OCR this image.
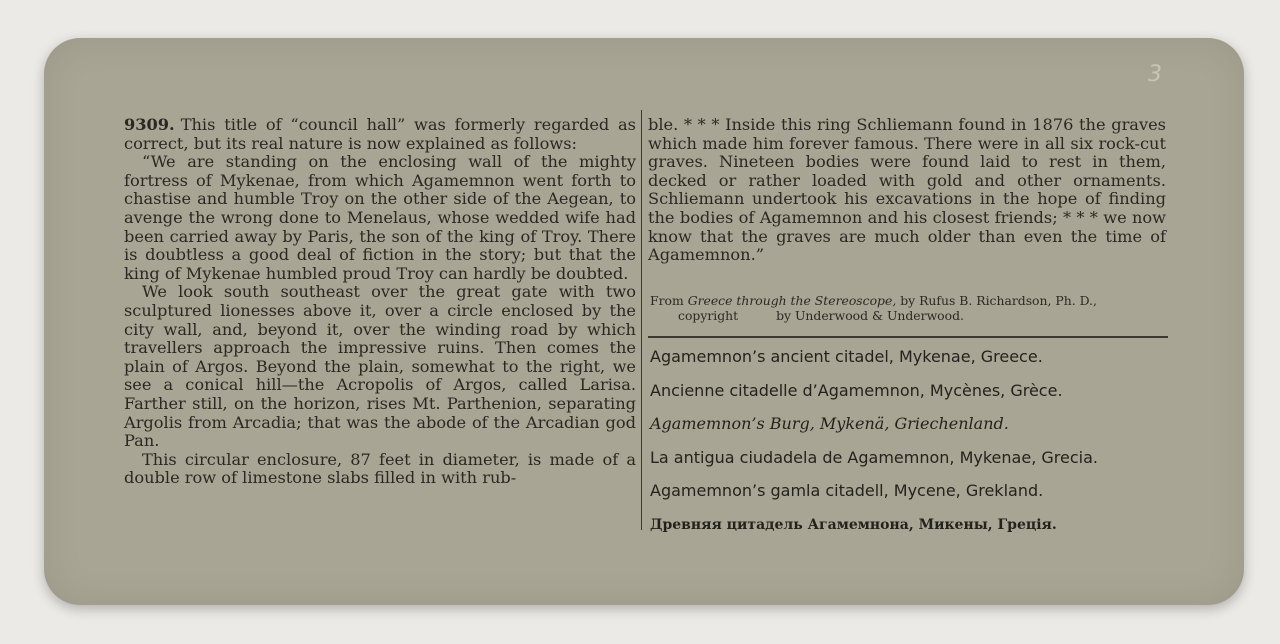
3

9309. This title of “council hall” was formerly regarded as correct, but its real nature is now explained as follows:

“We are standing on the enclosing wall of the mighty fortress of Mykenae, from which Agamemnon went forth to chastise and humble Troy on the other side of the Aegean, to avenge the wrong done to Menelaus, whose wedded wife had been carried away by Paris, the son of the king of Troy. There is doubtless a good deal of fiction in the story; but that the king of Mykenae humbled proud Troy can hardly be doubted.

We look south southeast over the great gate with two sculptured lionesses above it, over a circle enclosed by the city wall, and, beyond it, over the winding road by which travellers approach the impressive ruins. Then comes the plain of Argos. Beyond the plain, somewhat to the right, we see a conical hill—the Acropolis of Argos, called Larisa. Farther still, on the horizon, rises Mt. Parthenion, separating Argolis from Arcadia; that was the abode of the Arcadian god Pan.

This circular enclosure, 87 feet in diameter, is made of a double row of limestone slabs filled in with rub-

ble. * * * Inside this ring Schliemann found in 1876 the graves which made him forever famous. There were in all six rock-cut graves. Nineteen bodies were found laid to rest in them, decked or rather loaded with gold and other ornaments. Schliemann undertook his excavations in the hope of finding the bodies of Agamemnon and his closest friends; * * * we now know that the graves are much older than even the time of Agamemnon.”

From Greece through the Stereoscope, by Rufus B. Richardson, Ph. D.,
copyright	by Underwood & Underwood.
Agamemnon’s ancient citadel, Mykenae, Greece.
Ancienne citadelle d’Agamemnon, Mycènes, Grèce.
Agamemnon’s Burg, Mykenä, Griechenland.
La antigua ciudadela de Agamemnon, Mykenae, Grecia.
Agamemnon’s gamla citadell, Mycene, Grekland.
Древняя цитадель Агамемнона, Микены, Греція.
